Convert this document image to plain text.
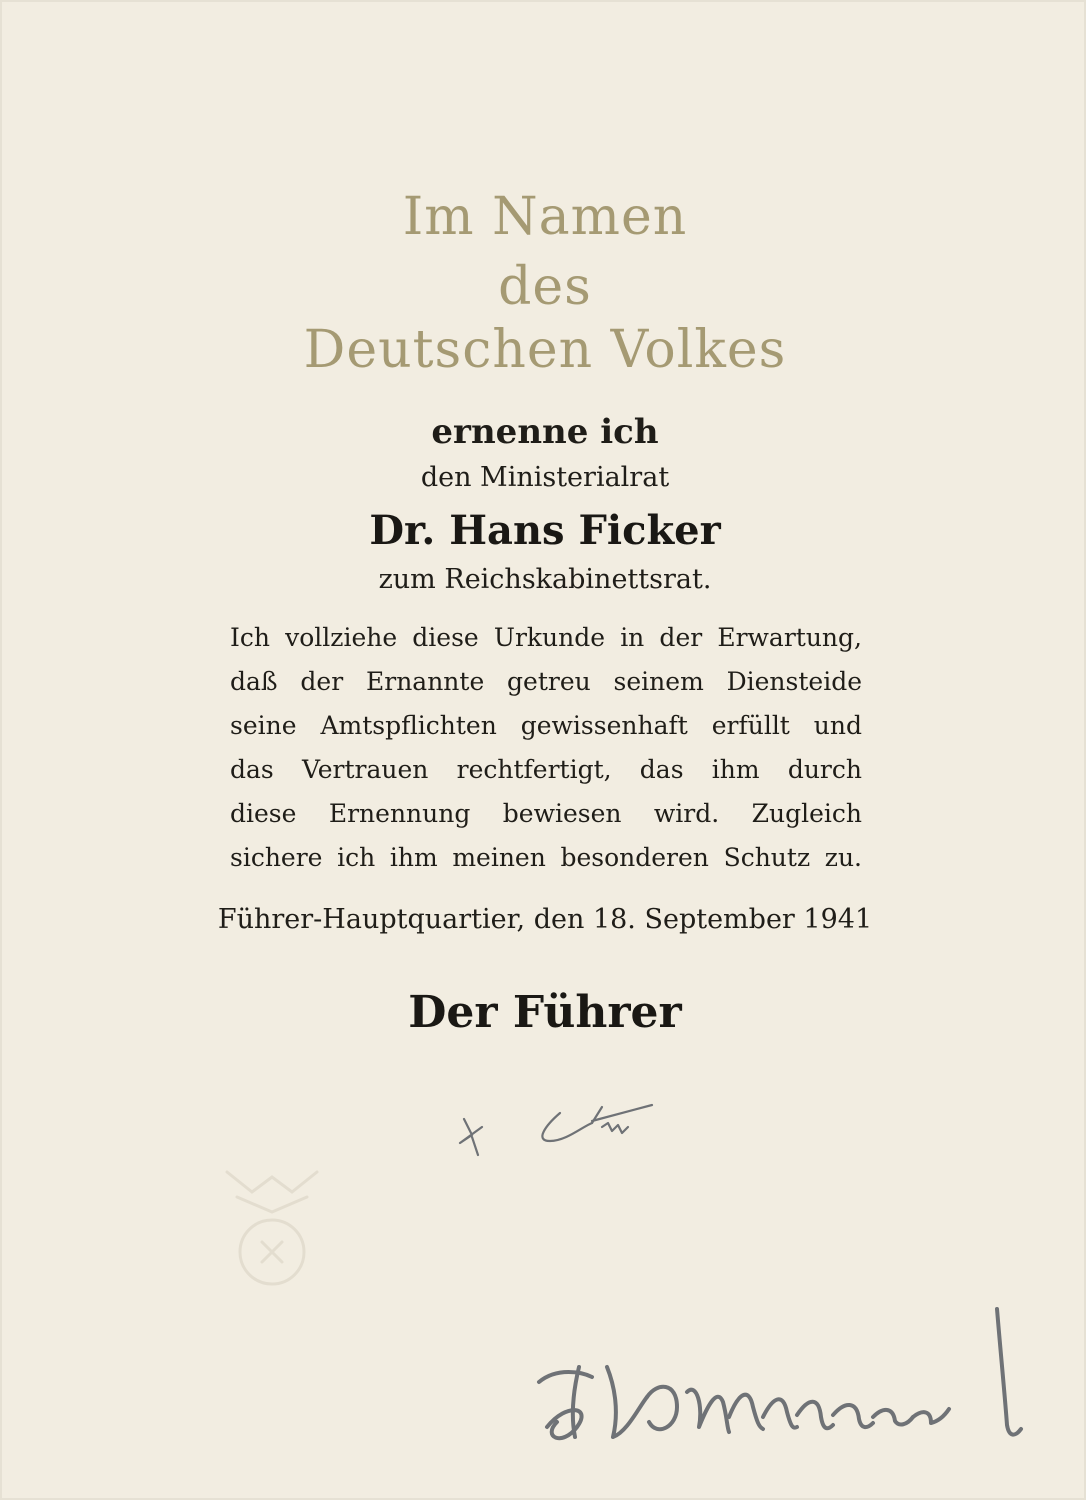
Im Namen
des
Deutschen Volkes
ernenne ich
den Ministerialrat
Dr. Hans Ficker
zum Reichskabinettsrat.
Ich vollziehe diese Urkunde in der Erwartung,
daß der Ernannte getreu seinem Diensteide
seine Amtspflichten gewissenhaft erfüllt und
das Vertrauen rechtfertigt, das ihm durch
diese Ernennung bewiesen wird. Zugleich
sichere ich ihm meinen besonderen Schutz zu.
Führer-Hauptquartier, den 18. September 1941
Der Führer
